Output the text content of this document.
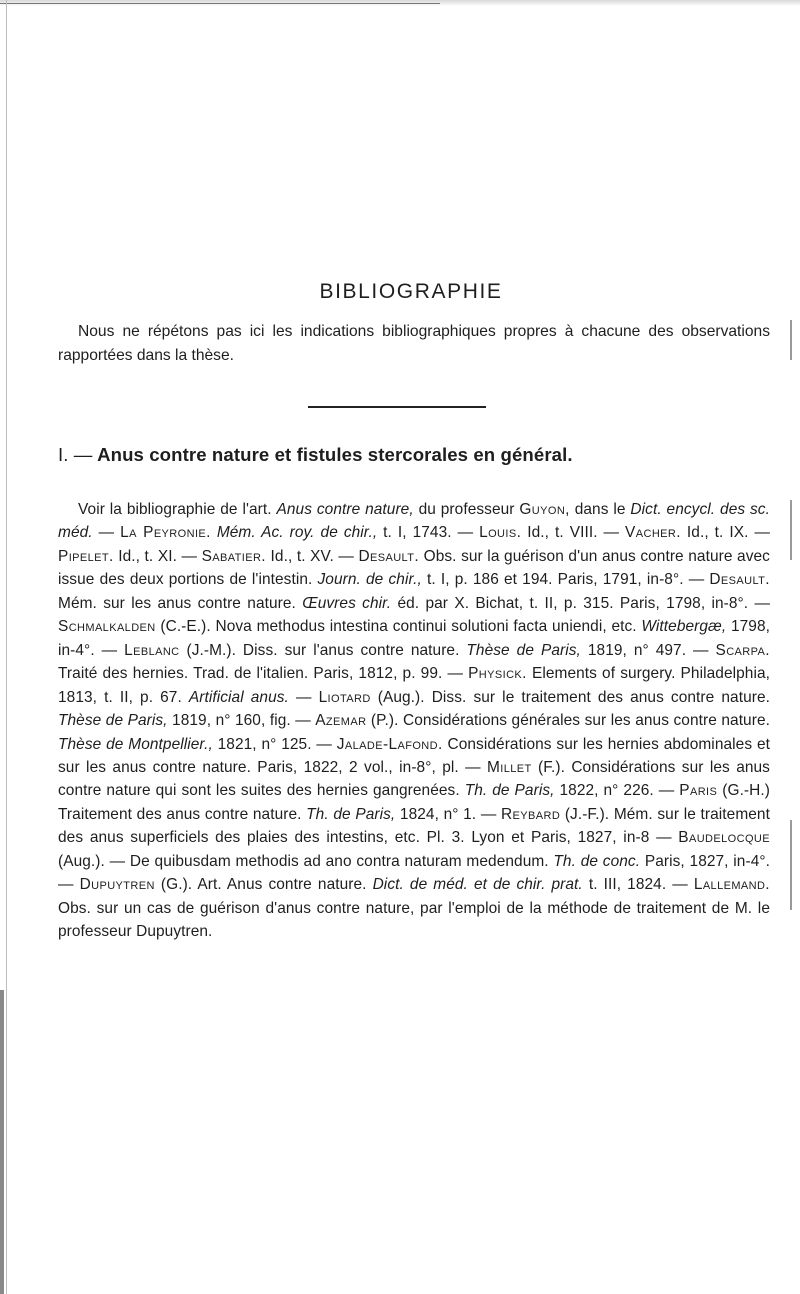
BIBLIOGRAPHIE

Nous ne répétons pas ici les indications bibliographiques propres à chacune des observations rapportées dans la thèse.

I. — Anus contre nature et fistules stercorales en général.

Voir la bibliographie de l'art. Anus contre nature, du professeur Guyon, dans le Dict. encycl. des sc. méd. — La Peyronie. Mém. Ac. roy. de chir., t. I, 1743. — Louis. Id., t. VIII. — Vacher. Id., t. IX. — Pipelet. Id., t. XI. — Sabatier. Id., t. XV. — Desault. Obs. sur la guérison d'un anus contre nature avec issue des deux portions de l'intestin. Journ. de chir., t. I, p. 186 et 194. Paris, 1791, in-8°. — Desault. Mém. sur les anus contre nature. Œuvres chir. éd. par X. Bichat, t. II, p. 315. Paris, 1798, in-8°. — Schmalkalden (C.-E.). Nova methodus intestina continui solutioni facta uniendi, etc. Wittebergæ, 1798, in-4°. — Leblanc (J.-M.). Diss. sur l'anus contre nature. Thèse de Paris, 1819, n° 497. — Scarpa. Traité des hernies. Trad. de l'italien. Paris, 1812, p. 99. — Physick. Elements of surgery. Philadelphia, 1813, t. II, p. 67. Artificial anus. — Liotard (Aug.). Diss. sur le traitement des anus contre nature. Thèse de Paris, 1819, n° 160, fig. — Azemar (P.). Considérations générales sur les anus contre nature. Thèse de Montpellier., 1821, n° 125. — Jalade-Lafond. Considérations sur les hernies abdominales et sur les anus contre nature. Paris, 1822, 2 vol., in-8°, pl. — Millet (F.). Considérations sur les anus contre nature qui sont les suites des hernies gangrenées. Th. de Paris, 1822, n° 226. — Paris (G.-H.) Traitement des anus contre nature. Th. de Paris, 1824, n° 1. — Reybard (J.-F.). Mém. sur le traitement des anus superficiels des plaies des intestins, etc. Pl. 3. Lyon et Paris, 1827, in-8 — Baudelocque (Aug.). — De quibusdam methodis ad ano contra naturam medendum. Th. de conc. Paris, 1827, in-4°. — Dupuytren (G.). Art. Anus contre nature. Dict. de méd. et de chir. prat. t. III, 1824. — Lallemand. Obs. sur un cas de guérison d'anus contre nature, par l'emploi de la méthode de traitement de M. le professeur Dupuytren.
